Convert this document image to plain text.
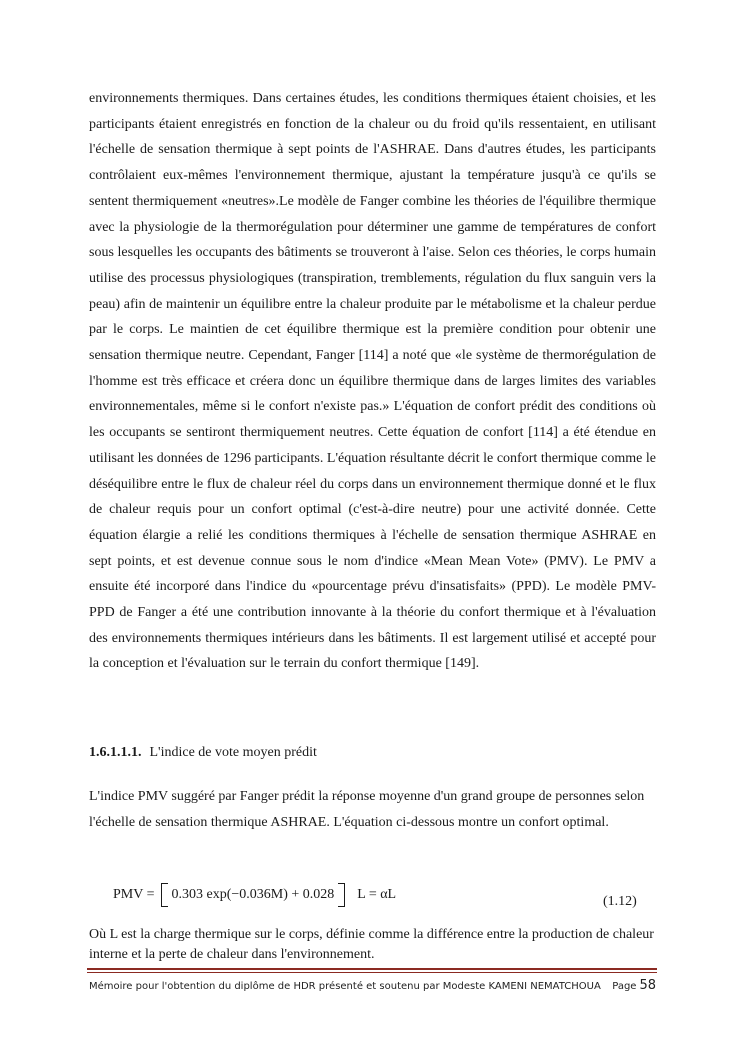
environnements thermiques. Dans certaines études, les conditions thermiques étaient choisies, et les participants étaient enregistrés en fonction de la chaleur ou du froid qu'ils ressentaient, en utilisant l'échelle de sensation thermique à sept points de l'ASHRAE. Dans d'autres études, les participants contrôlaient eux-mêmes l'environnement thermique, ajustant la température jusqu'à ce qu'ils se sentent thermiquement «neutres».Le modèle de Fanger combine les théories de l'équilibre thermique avec la physiologie de la thermorégulation pour déterminer une gamme de températures de confort sous lesquelles les occupants des bâtiments se trouveront à l'aise. Selon ces théories, le corps humain utilise des processus physiologiques (transpiration, tremblements, régulation du flux sanguin vers la peau) afin de maintenir un équilibre entre la chaleur produite par le métabolisme et la chaleur perdue par le corps. Le maintien de cet équilibre thermique est la première condition pour obtenir une sensation thermique neutre. Cependant, Fanger [114] a noté que «le système de thermorégulation de l'homme est très efficace et créera donc un équilibre thermique dans de larges limites des variables environnementales, même si le confort n'existe pas.» L'équation de confort prédit des conditions où les occupants se sentiront thermiquement neutres. Cette équation de confort [114] a été étendue en utilisant les données de 1296 participants. L'équation résultante décrit le confort thermique comme le déséquilibre entre le flux de chaleur réel du corps dans un environnement thermique donné et le flux de chaleur requis pour un confort optimal (c'est-à-dire neutre) pour une activité donnée. Cette équation élargie a relié les conditions thermiques à l'échelle de sensation thermique ASHRAE en sept points, et est devenue connue sous le nom d'indice «Mean Mean Vote» (PMV). Le PMV a ensuite été incorporé dans l'indice du «pourcentage prévu d'insatisfaits» (PPD). Le modèle PMV-PPD de Fanger a été une contribution innovante à la théorie du confort thermique et à l'évaluation des environnements thermiques intérieurs dans les bâtiments. Il est largement utilisé et accepté pour la conception et l'évaluation sur le terrain du confort thermique [149].

1.6.1.1.1. L'indice de vote moyen prédit

L'indice PMV suggéré par Fanger prédit la réponse moyenne d'un grand groupe de personnes selon l'échelle de sensation thermique ASHRAE. L'équation ci-dessous montre un confort optimal.

PMV = 0.303 exp(−0.036M) + 0.028 L = αL	(1.12)

Où L est la charge thermique sur le corps, définie comme la différence entre la production de chaleur interne et la perte de chaleur dans l'environnement.

Mémoire pour l'obtention du diplôme de HDR présenté et soutenu par Modeste KAMENI NEMATCHOUA Page 58
